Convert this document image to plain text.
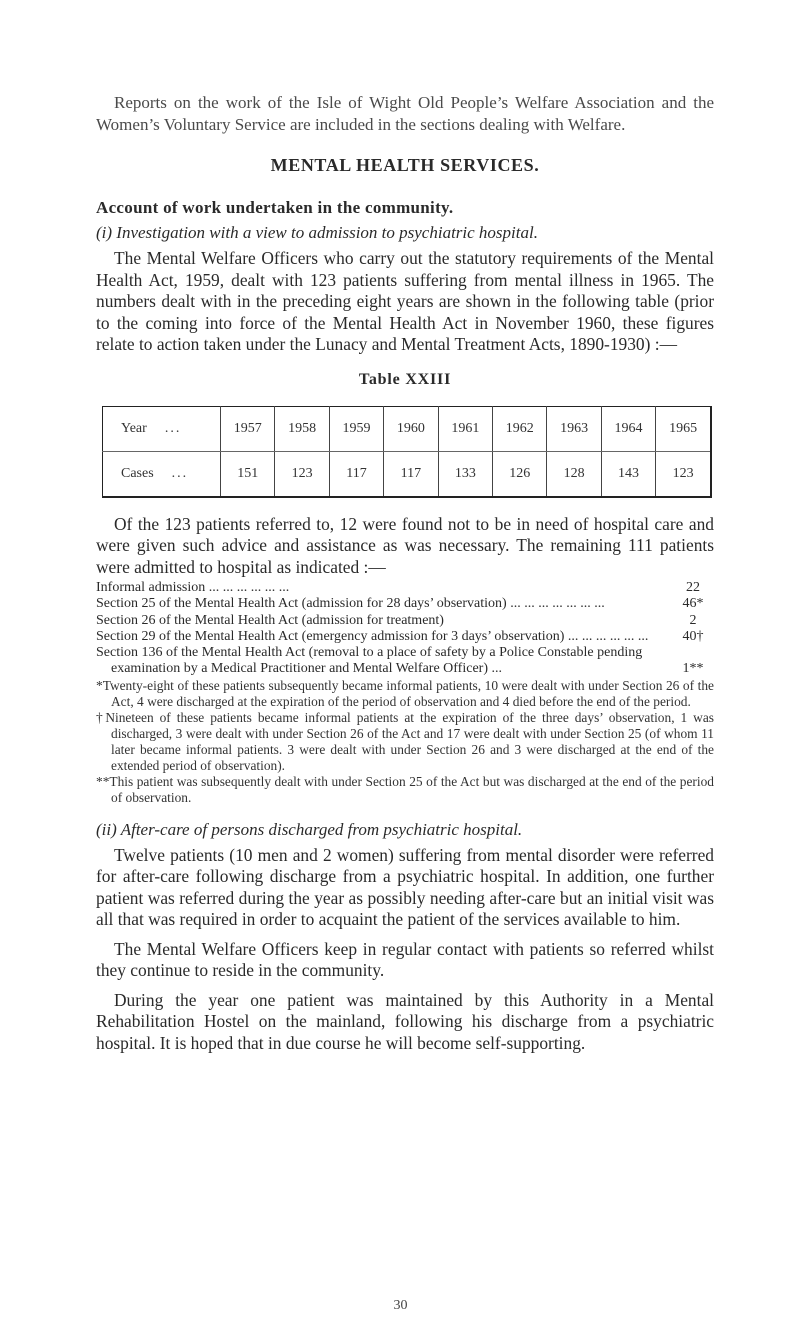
Reports on the work of the Isle of Wight Old People’s Welfare Association and the Women’s Voluntary Service are included in the sections dealing with Welfare.

MENTAL HEALTH SERVICES.

Account of work undertaken in the community.

(i) Investigation with a view to admission to psychiatric hospital.

The Mental Welfare Officers who carry out the statutory requirements of the Mental Health Act, 1959, dealt with 123 patients suffering from mental illness in 1965. The numbers dealt with in the preceding eight years are shown in the following table (prior to the coming into force of the Mental Health Act in November 1960, these figures relate to action taken under the Lunacy and Mental Treatment Acts, 1890-1930) :—

Table XXIII

Year ...	1957	1958	1959	1960	1961	1962	1963	1964	1965
Cases ...	151	123	117	117	133	126	128	143	123

Of the 123 patients referred to, 12 were found not to be in need of hospital care and were given such advice and assistance as was necessary. The remaining 111 patients were admitted to hospital as indicated :—

Informal admission ... ... ... ... ... ...	22
Section 25 of the Mental Health Act (admission for 28 days’ observation) ... ... ... ... ... ... ...	46*
Section 26 of the Mental Health Act (admission for treatment)	2
Section 29 of the Mental Health Act (emergency admission for 3 days’ observation) ... ... ... ... ... ...	40†
Section 136 of the Mental Health Act (removal to a place of safety by a Police Constable pending examination by a Medical Practitioner and Mental Welfare Officer) ...	1**

*Twenty-eight of these patients subsequently became informal patients, 10 were dealt with under Section 26 of the Act, 4 were discharged at the expiration of the period of observation and 4 died before the end of the period.

†Nineteen of these patients became informal patients at the expiration of the three days’ observation, 1 was discharged, 3 were dealt with under Section 26 of the Act and 17 were dealt with under Section 25 (of whom 11 later became informal patients. 3 were dealt with under Section 26 and 3 were discharged at the end of the extended period of observation).

**This patient was subsequently dealt with under Section 25 of the Act but was discharged at the end of the period of observation.

(ii) After-care of persons discharged from psychiatric hospital.

Twelve patients (10 men and 2 women) suffering from mental disorder were referred for after-care following discharge from a psychiatric hospital. In addition, one further patient was referred during the year as possibly needing after-care but an initial visit was all that was required in order to acquaint the patient of the services available to him.

The Mental Welfare Officers keep in regular contact with patients so referred whilst they continue to reside in the community.

During the year one patient was maintained by this Authority in a Mental Rehabilitation Hostel on the mainland, following his discharge from a psychiatric hospital. It is hoped that in due course he will become self-supporting.

30
